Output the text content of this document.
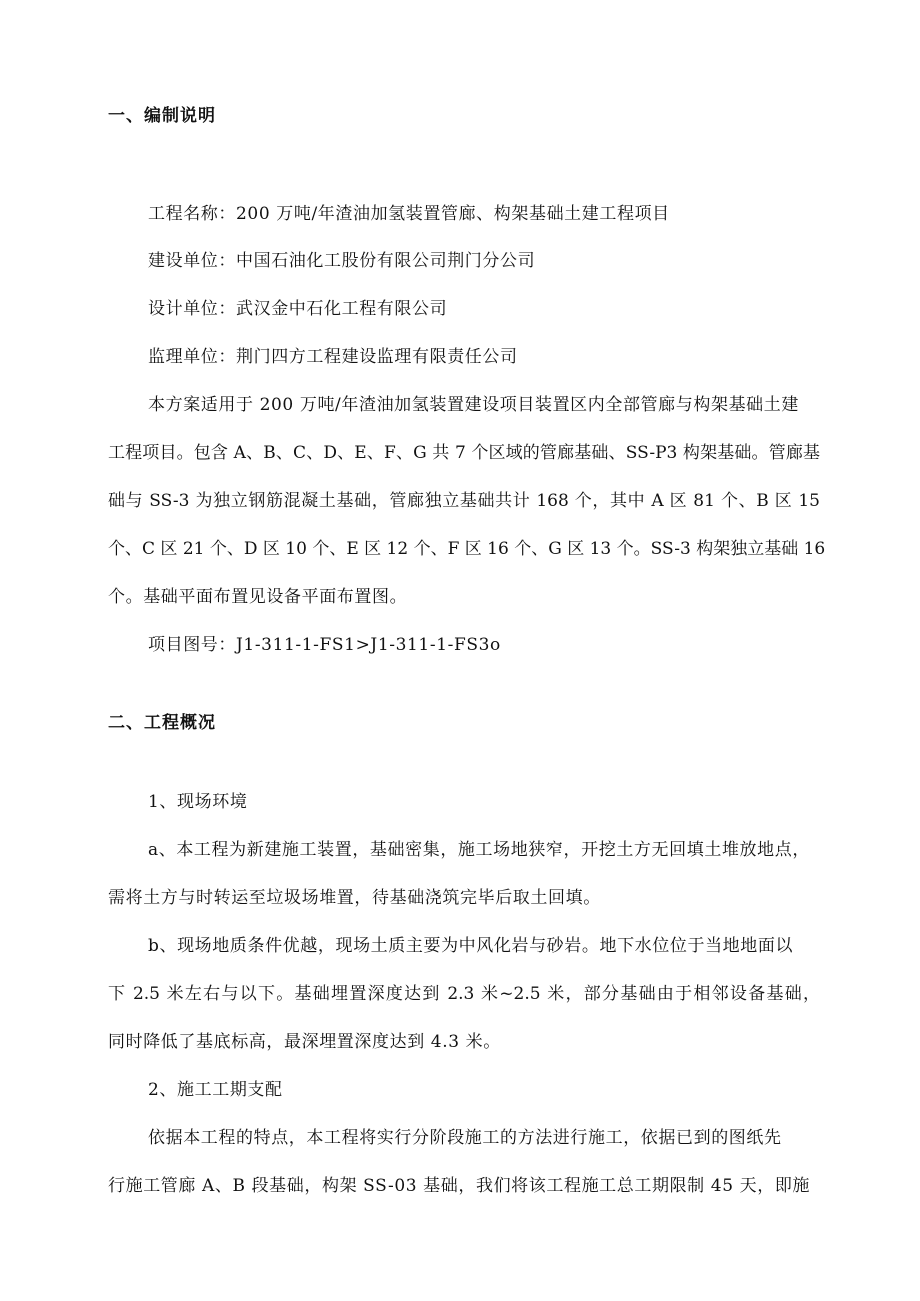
一、编制说明
工程名称：200 万吨/年渣油加氢装置管廊、构架基础土建工程项目
建设单位：中国石油化工股份有限公司荆门分公司
设计单位：武汉金中石化工程有限公司
监理单位：荆门四方工程建设监理有限责任公司
本方案适用于 200 万吨/年渣油加氢装置建设项目装置区内全部管廊与构架基础土建
工程项目。包含 A、B、C、D、E、F、G 共 7 个区域的管廊基础、SS-P3 构架基础。管廊基
础与 SS-3 为独立钢筋混凝土基础，管廊独立基础共计 168 个，其中 A 区 81 个、B 区 15
个、C 区 21 个、D 区 10 个、E 区 12 个、F 区 16 个、G 区 13 个。SS-3 构架独立基础 16
个。基础平面布置见设备平面布置图。
项目图号：J1-311-1-FS1>J1-311-1-FS3o
二、工程概况
1、现场环境
a、本工程为新建施工装置，基础密集，施工场地狭窄，开挖土方无回填土堆放地点，
需将土方与时转运至垃圾场堆置，待基础浇筑完毕后取土回填。
b、现场地质条件优越，现场土质主要为中风化岩与砂岩。地下水位位于当地地面以
下 2.5 米左右与以下。基础埋置深度达到 2.3 米~2.5 米，部分基础由于相邻设备基础，
同时降低了基底标高，最深埋置深度达到 4.3 米。
2、施工工期支配
依据本工程的特点，本工程将实行分阶段施工的方法进行施工，依据已到的图纸先
行施工管廊 A、B 段基础，构架 SS-03 基础，我们将该工程施工总工期限制 45 天，即施
